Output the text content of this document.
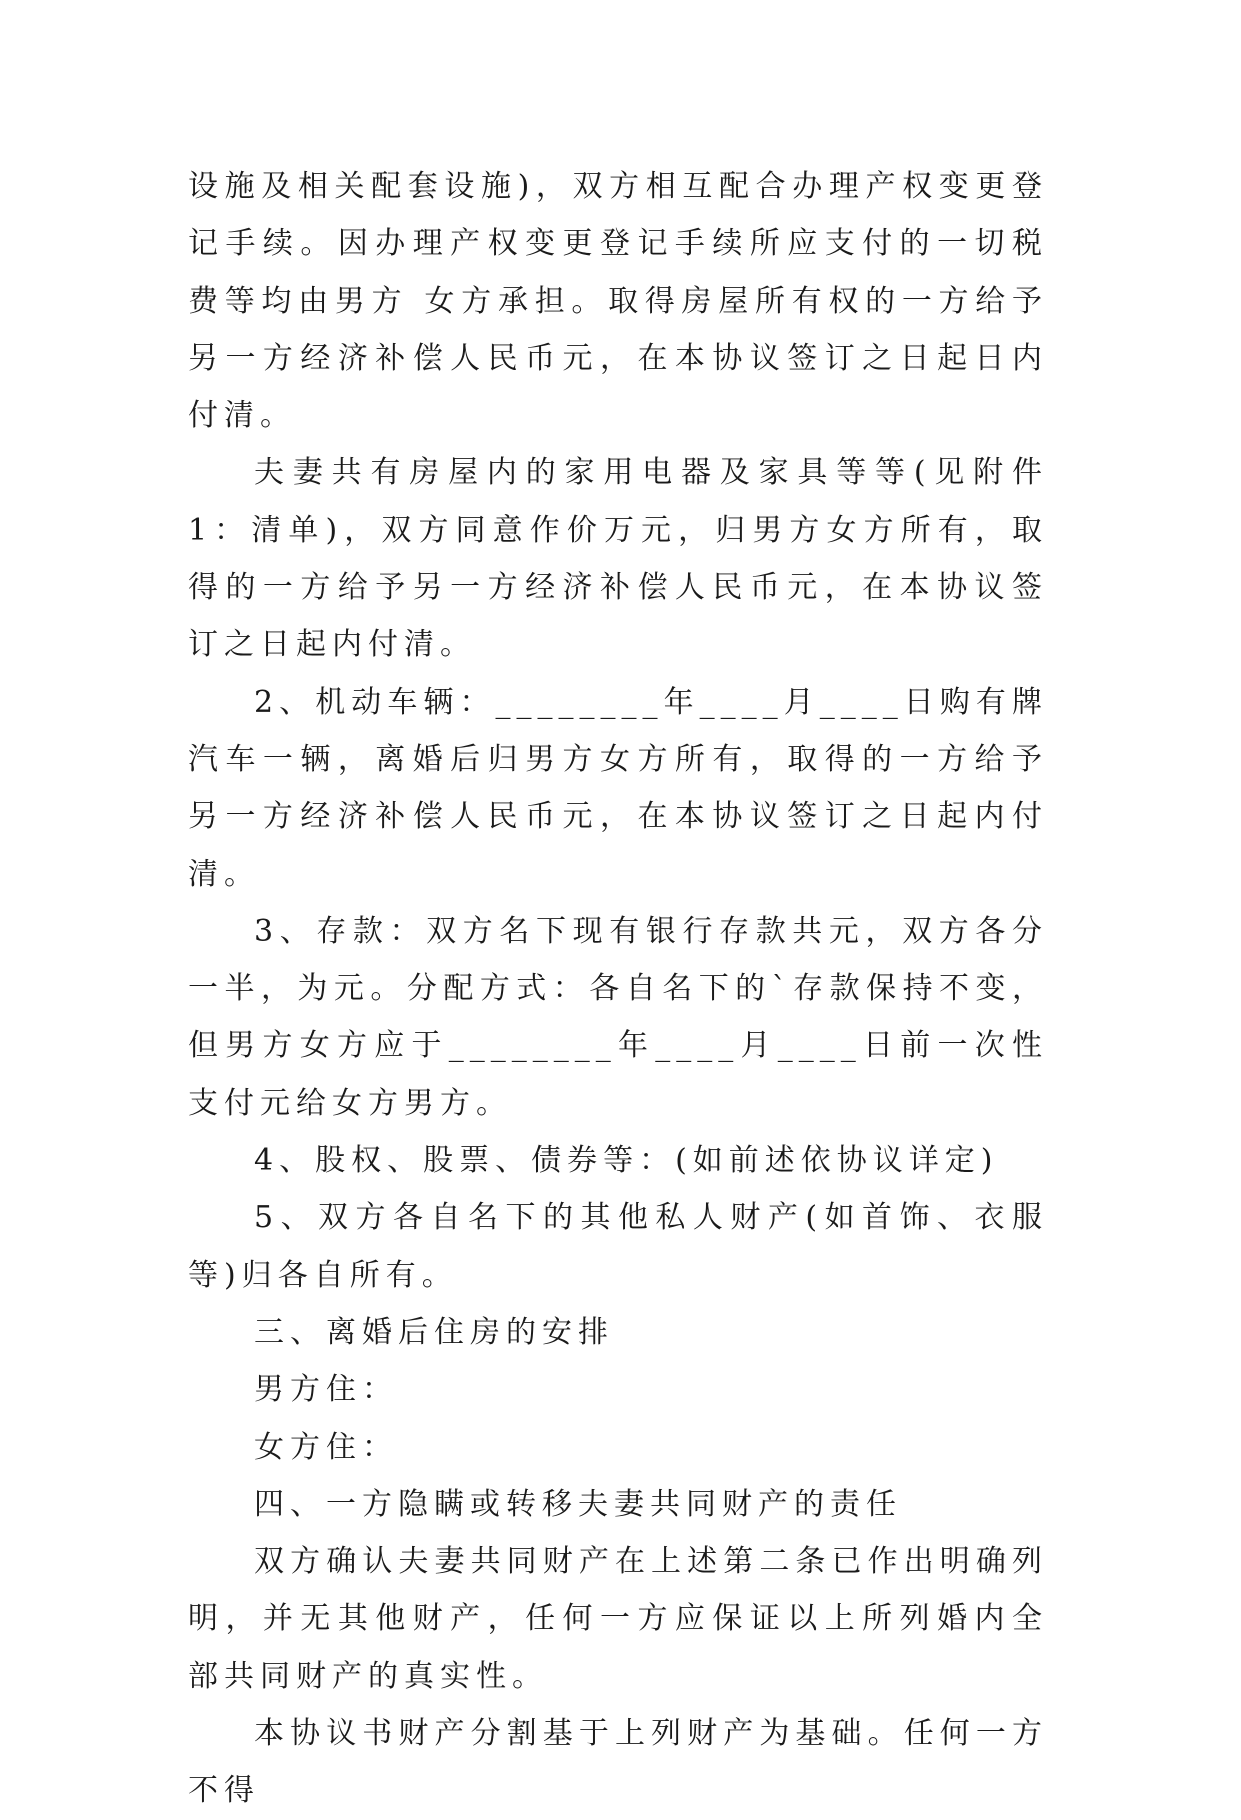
设施及相关配套设施)，双方相互配合办理产权变更登记手续。因办理产权变更登记手续所应支付的一切税费等均由男方 女方承担。取得房屋所有权的一方给予另一方经济补偿人民币元，在本协议签订之日起日内付清。

夫妻共有房屋内的家用电器及家具等等(见附件1：清单)，双方同意作价万元，归男方女方所有，取得的一方给予另一方经济补偿人民币元，在本协议签订之日起内付清。

2、机动车辆：________年____月____日购有牌汽车一辆，离婚后归男方女方所有，取得的一方给予另一方经济补偿人民币元，在本协议签订之日起内付清。

3、存款：双方名下现有银行存款共元，双方各分一半，为元。分配方式：各自名下的`存款保持不变，但男方女方应于________年____月____日前一次性支付元给女方男方。

4、股权、股票、债券等：(如前述依协议详定)

5、双方各自名下的其他私人财产(如首饰、衣服等)归各自所有。

三、离婚后住房的安排

男方住：

女方住：

四、一方隐瞒或转移夫妻共同财产的责任

双方确认夫妻共同财产在上述第二条已作出明确列明，并无其他财产，任何一方应保证以上所列婚内全部共同财产的真实性。

本协议书财产分割基于上列财产为基础。任何一方不得
